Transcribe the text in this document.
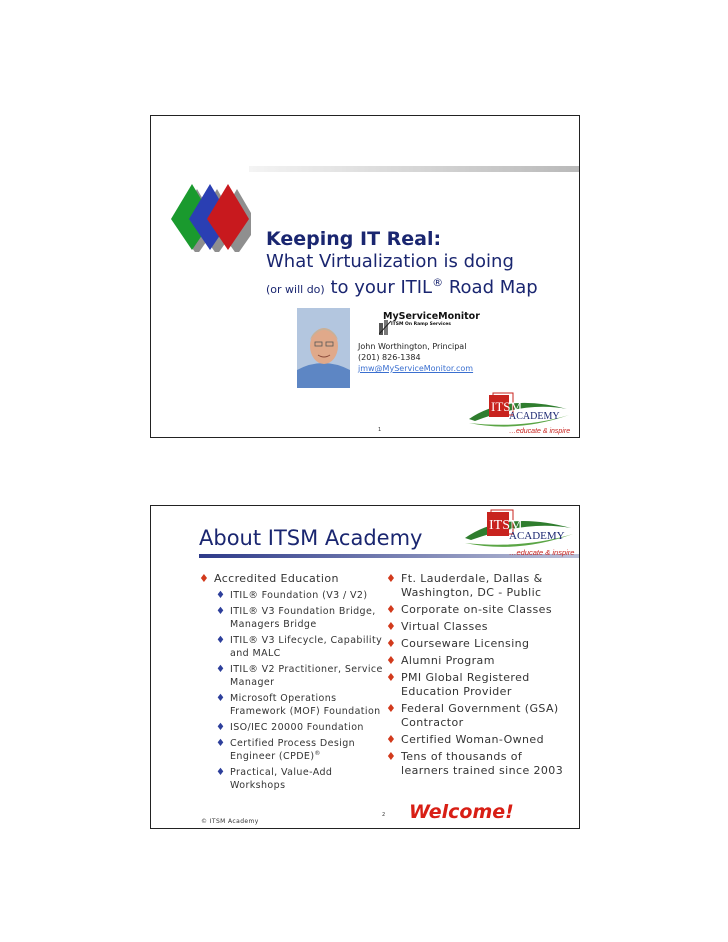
Keeping IT Real:
What Virtualization is doing
(or will do) to your ITIL® Road Map
MyServiceMonitor
ITSM On Ramp Services
John Worthington, Principal
(201) 826-1384
jmw@MyServiceMonitor.com
ITSM
ACADEMY
…educate & inspire
1
About ITSM Academy
ITSM
ACADEMY
…educate & inspire
♦ Accredited Education
♦ ITIL® Foundation (V3 / V2)
♦ ITIL® V3 Foundation Bridge, Managers Bridge
♦ ITIL® V3 Lifecycle, Capability and MALC
♦ ITIL® V2 Practitioner, Service Manager
♦ Microsoft Operations Framework (MOF) Foundation
♦ ISO/IEC 20000 Foundation
♦ Certified Process Design Engineer (CPDE)®
♦ Practical, Value-Add Workshops
♦ Ft. Lauderdale, Dallas & Washington, DC - Public
♦ Corporate on-site Classes
♦ Virtual Classes
♦ Courseware Licensing
♦ Alumni Program
♦ PMI Global Registered Education Provider
♦ Federal Government (GSA) Contractor
♦ Certified Woman-Owned
♦ Tens of thousands of learners trained since 2003
Welcome!
© ITSM Academy
2
